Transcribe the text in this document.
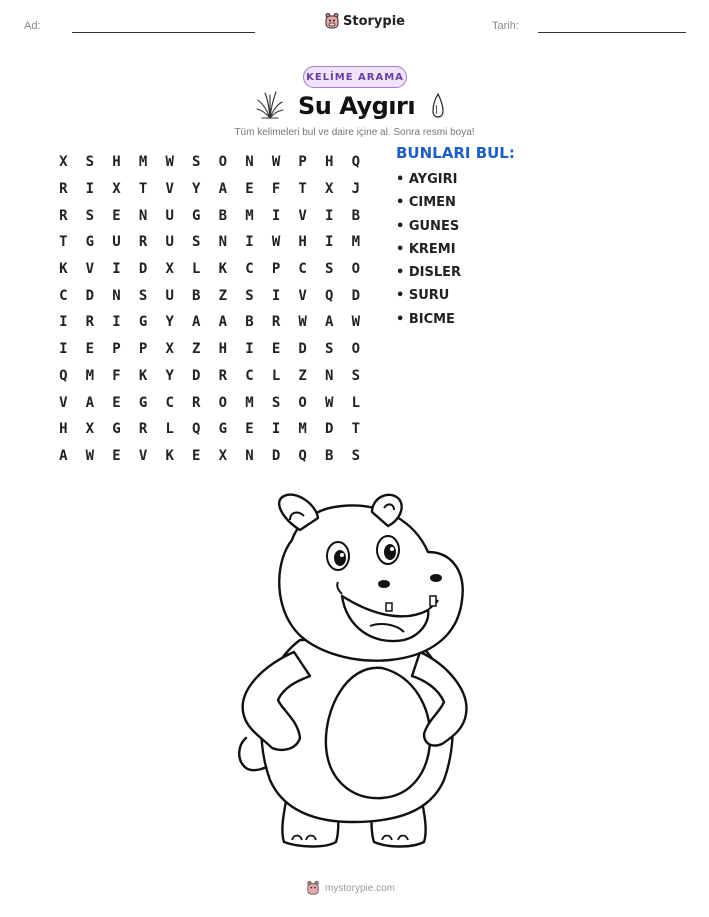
Ad:	Storypie	Tarih:
KELİME ARAMA
Su Aygırı
Tüm kelimeleri bul ve daire içine al. Sonra resmi boya!
X	S	H	M	W	S	O	N	W	P	H	Q
R	I	X	T	V	Y	A	E	F	T	X	J
R	S	E	N	U	G	B	M	I	V	I	B
T	G	U	R	U	S	N	I	W	H	I	M
K	V	I	D	X	L	K	C	P	C	S	O
C	D	N	S	U	B	Z	S	I	V	Q	D
I	R	I	G	Y	A	A	B	R	W	A	W
I	E	P	P	X	Z	H	I	E	D	S	O
Q	M	F	K	Y	D	R	C	L	Z	N	S
V	A	E	G	C	R	O	M	S	O	W	L
H	X	G	R	L	Q	G	E	I	M	D	T
A	W	E	V	K	E	X	N	D	Q	B	S
BUNLARI BUL:
• AYGIRI
• CIMEN
• GUNES
• KREMI
• DISLER
• SURU
• BICME
mystorypie.com
